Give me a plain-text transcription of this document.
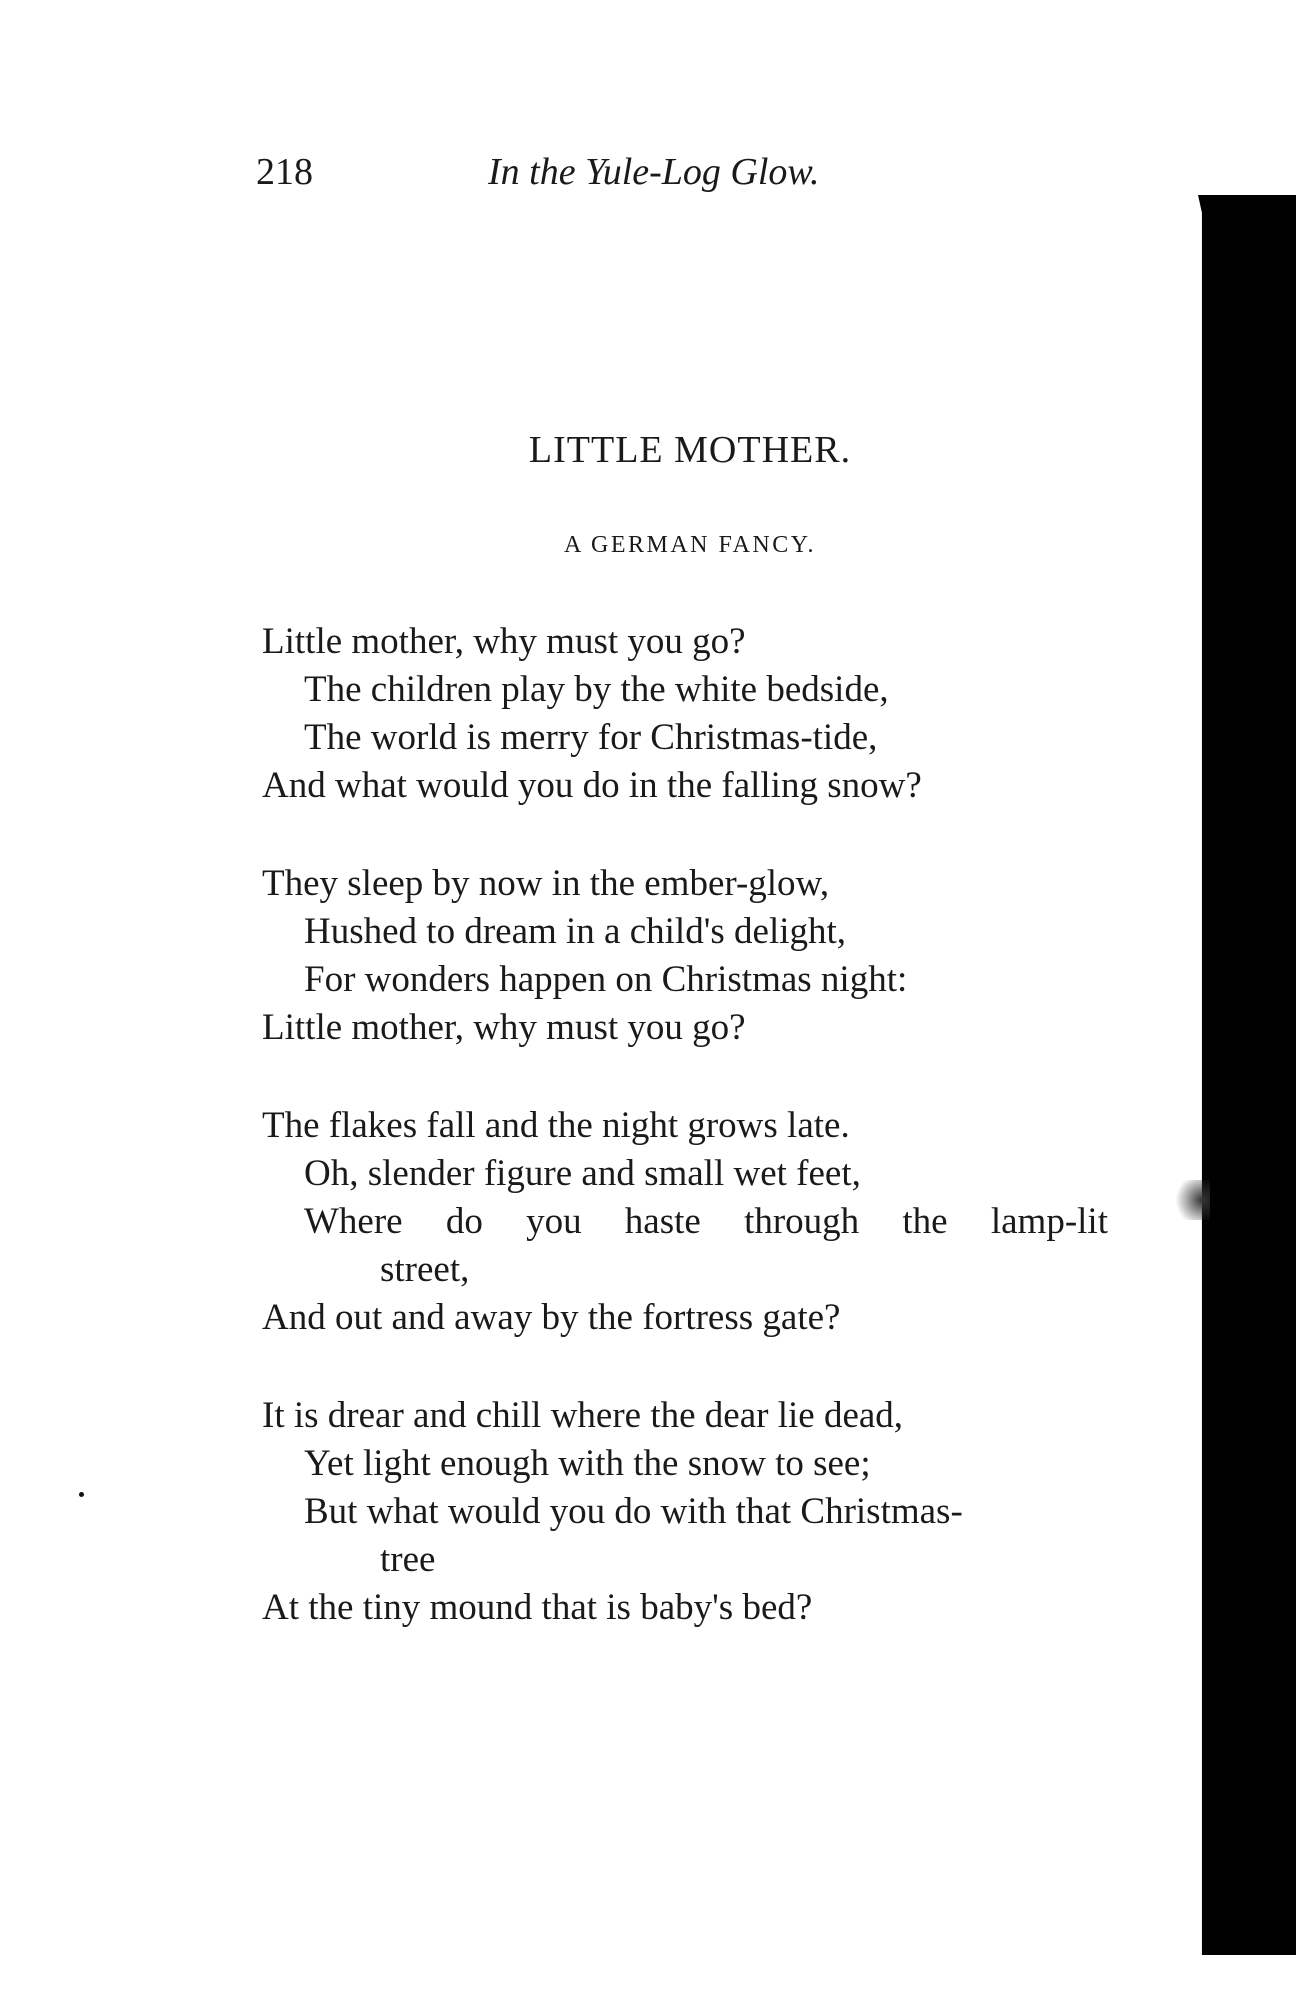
218	In the Yule-Log Glow.
LITTLE MOTHER.
A GERMAN FANCY.
Little mother, why must you go?
The children play by the white bedside,
The world is merry for Christmas-tide,
And what would you do in the falling snow?
They sleep by now in the ember-glow,
Hushed to dream in a child's delight,
For wonders happen on Christmas night:
Little mother, why must you go?
The flakes fall and the night grows late.
Oh, slender figure and small wet feet,
Where do you haste through the lamp-lit
street,
And out and away by the fortress gate?
It is drear and chill where the dear lie dead,
Yet light enough with the snow to see;
But what would you do with that Christmas-
tree
At the tiny mound that is baby's bed?
